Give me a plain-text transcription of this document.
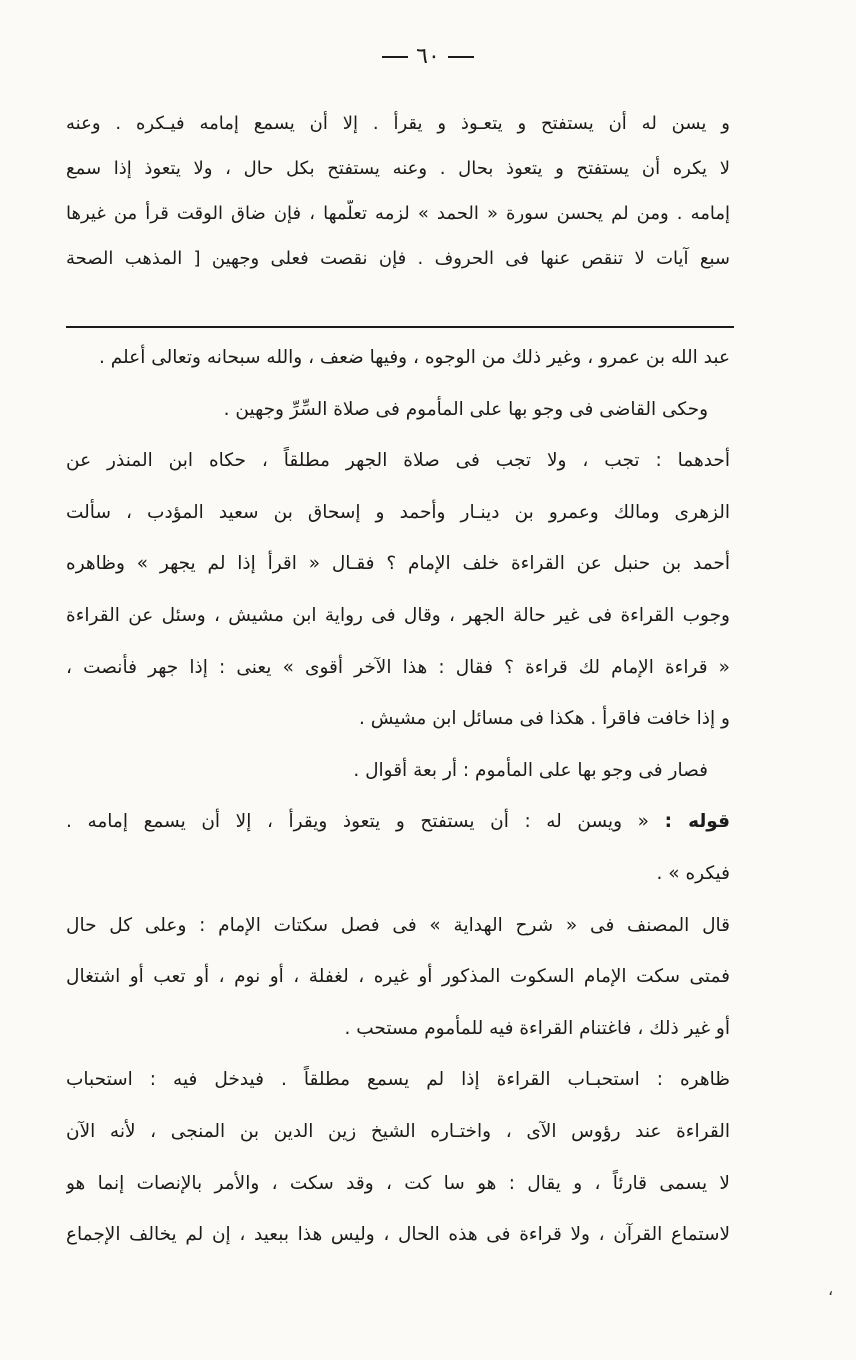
٦٠
و يسن له أن يستفتح و يتعـوذ و يقرأ . إلا أن يسمع إمامه فيـكره . وعنه
لا يكره أن يستفتح و يتعوذ بحال . وعنه يستفتح بكل حال ، ولا يتعوذ إذا سمع
إمامه . ومن لم يحسن سورة « الحمد » لزمه تعلُّمها ، فإن ضاق الوقت قرأ من غيرها
سبع آيات لا تنقص عنها فى الحروف . فإن نقصت فعلى وجهين [ المذهب الصحة
عبد الله بن عمرو ، وغير ذلك من الوجوه ، وفيها ضعف ، والله سبحانه وتعالى أعلم .
وحكى القاضى فى وجو بها على المأموم فى صلاة السِّرِّ وجهين .
أحدهما : تجب ، ولا تجب فى صلاة الجهر مطلقاً ، حكاه ابن المنذر عن
الزهرى ومالك وعمرو بن دينـار وأحمد و إسحاق بن سعيد المؤدب ، سألت
أحمد بن حنبل عن القراءة خلف الإمام ؟ فقـال « اقرأ إذا لم يجهر » وظاهره
وجوب القراءة فى غير حالة الجهر ، وقال فى رواية ابن مشيش ، وسئل عن القراءة
« قراءة الإمام لك قراءة ؟ فقال : هذا الآخر أقوى » يعنى : إذا جهر فأنصت ،
و إذا خافت فاقرأ . هكذا فى مسائل ابن مشيش .
فصار فى وجو بها على المأموم : أر بعة أقوال .
قوله : « ويسن له : أن يستفتح و يتعوذ ويقرأ ، إلا أن يسمع إمامه .
فيكره » .
قال المصنف فى « شرح الهداية » فى فصل سكتات الإمام : وعلى كل حال
فمتى سكت الإمام السكوت المذكور أو غيره ، لغفلة ، أو نوم ، أو تعب أو اشتغال
أو غير ذلك ، فاغتنام القراءة فيه للمأموم مستحب .
ظاهره : استحبـاب القراءة إذا لم يسمع مطلقاً . فيدخل فيه : استحباب
القراءة عند رؤوس الآى ، واختـاره الشيخ زين الدين بن المنجى ، لأنه الآن
لا يسمى قارئاً ، و يقال : هو سا كت ، وقد سكت ، والأمر بالإنصات إنما هو
لاستماع القرآن ، ولا قراءة فى هذه الحال ، وليس هذا ببعيد ، إن لم يخالف الإجماع
،
